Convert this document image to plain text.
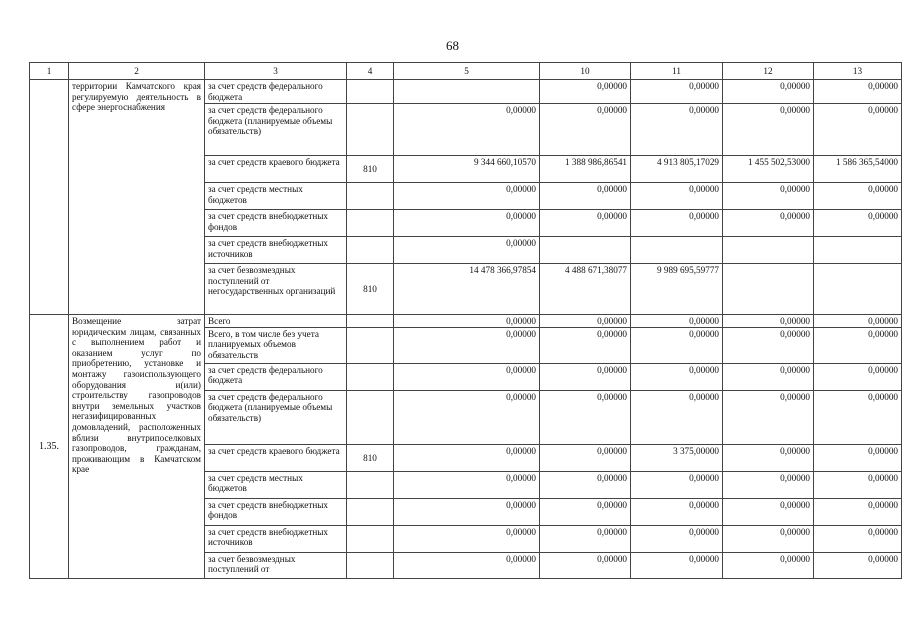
68
1	2	3	4	5	10	11	12	13
	территории Камчатского края регулируемую деятельность в сфере энергоснабжения	за счет средств федерального бюджета			0,00000	0,00000	0,00000	0,00000
		за счет средств федерального бюджета (планируемые объемы обязательств)		0,00000	0,00000	0,00000	0,00000	0,00000
		за счет средств краевого бюджета	810	9 344 660,10570	1 388 986,86541	4 913 805,17029	1 455 502,53000	1 586 365,54000
		за счет средств местных бюджетов		0,00000	0,00000	0,00000	0,00000	0,00000
		за счет средств внебюджетных фондов		0,00000	0,00000	0,00000	0,00000	0,00000
		за счет средств внебюджетных источников		0,00000				
		за счет безвозмездных поступлений от негосударственных организаций	810	14 478 366,97854	4 488 671,38077	9 989 695,59777		
1.35.	Возмещение затрат юридическим лицам, связанных с выполнением работ и оказанием услуг по приобретению, установке и монтажу газоиспользующего оборудования и(или) строительству газопроводов внутри земельных участков негазифицированных домовладений, расположенных вблизи внутрипоселковых газопроводов, гражданам, проживающим в Камчатском крае	Всего		0,00000	0,00000	0,00000	0,00000	0,00000
		Всего, в том числе без учета планируемых объемов обязательств		0,00000	0,00000	0,00000	0,00000	0,00000
		за счет средств федерального бюджета		0,00000	0,00000	0,00000	0,00000	0,00000
		за счет средств федерального бюджета (планируемые объемы обязательств)		0,00000	0,00000	0,00000	0,00000	0,00000
		за счет средств краевого бюджета	810	0,00000	0,00000	3 375,00000	0,00000	0,00000
		за счет средств местных бюджетов		0,00000	0,00000	0,00000	0,00000	0,00000
		за счет средств внебюджетных фондов		0,00000	0,00000	0,00000	0,00000	0,00000
		за счет средств внебюджетных источников		0,00000	0,00000	0,00000	0,00000	0,00000
		за счет безвозмездных поступлений от		0,00000	0,00000	0,00000	0,00000	0,00000
